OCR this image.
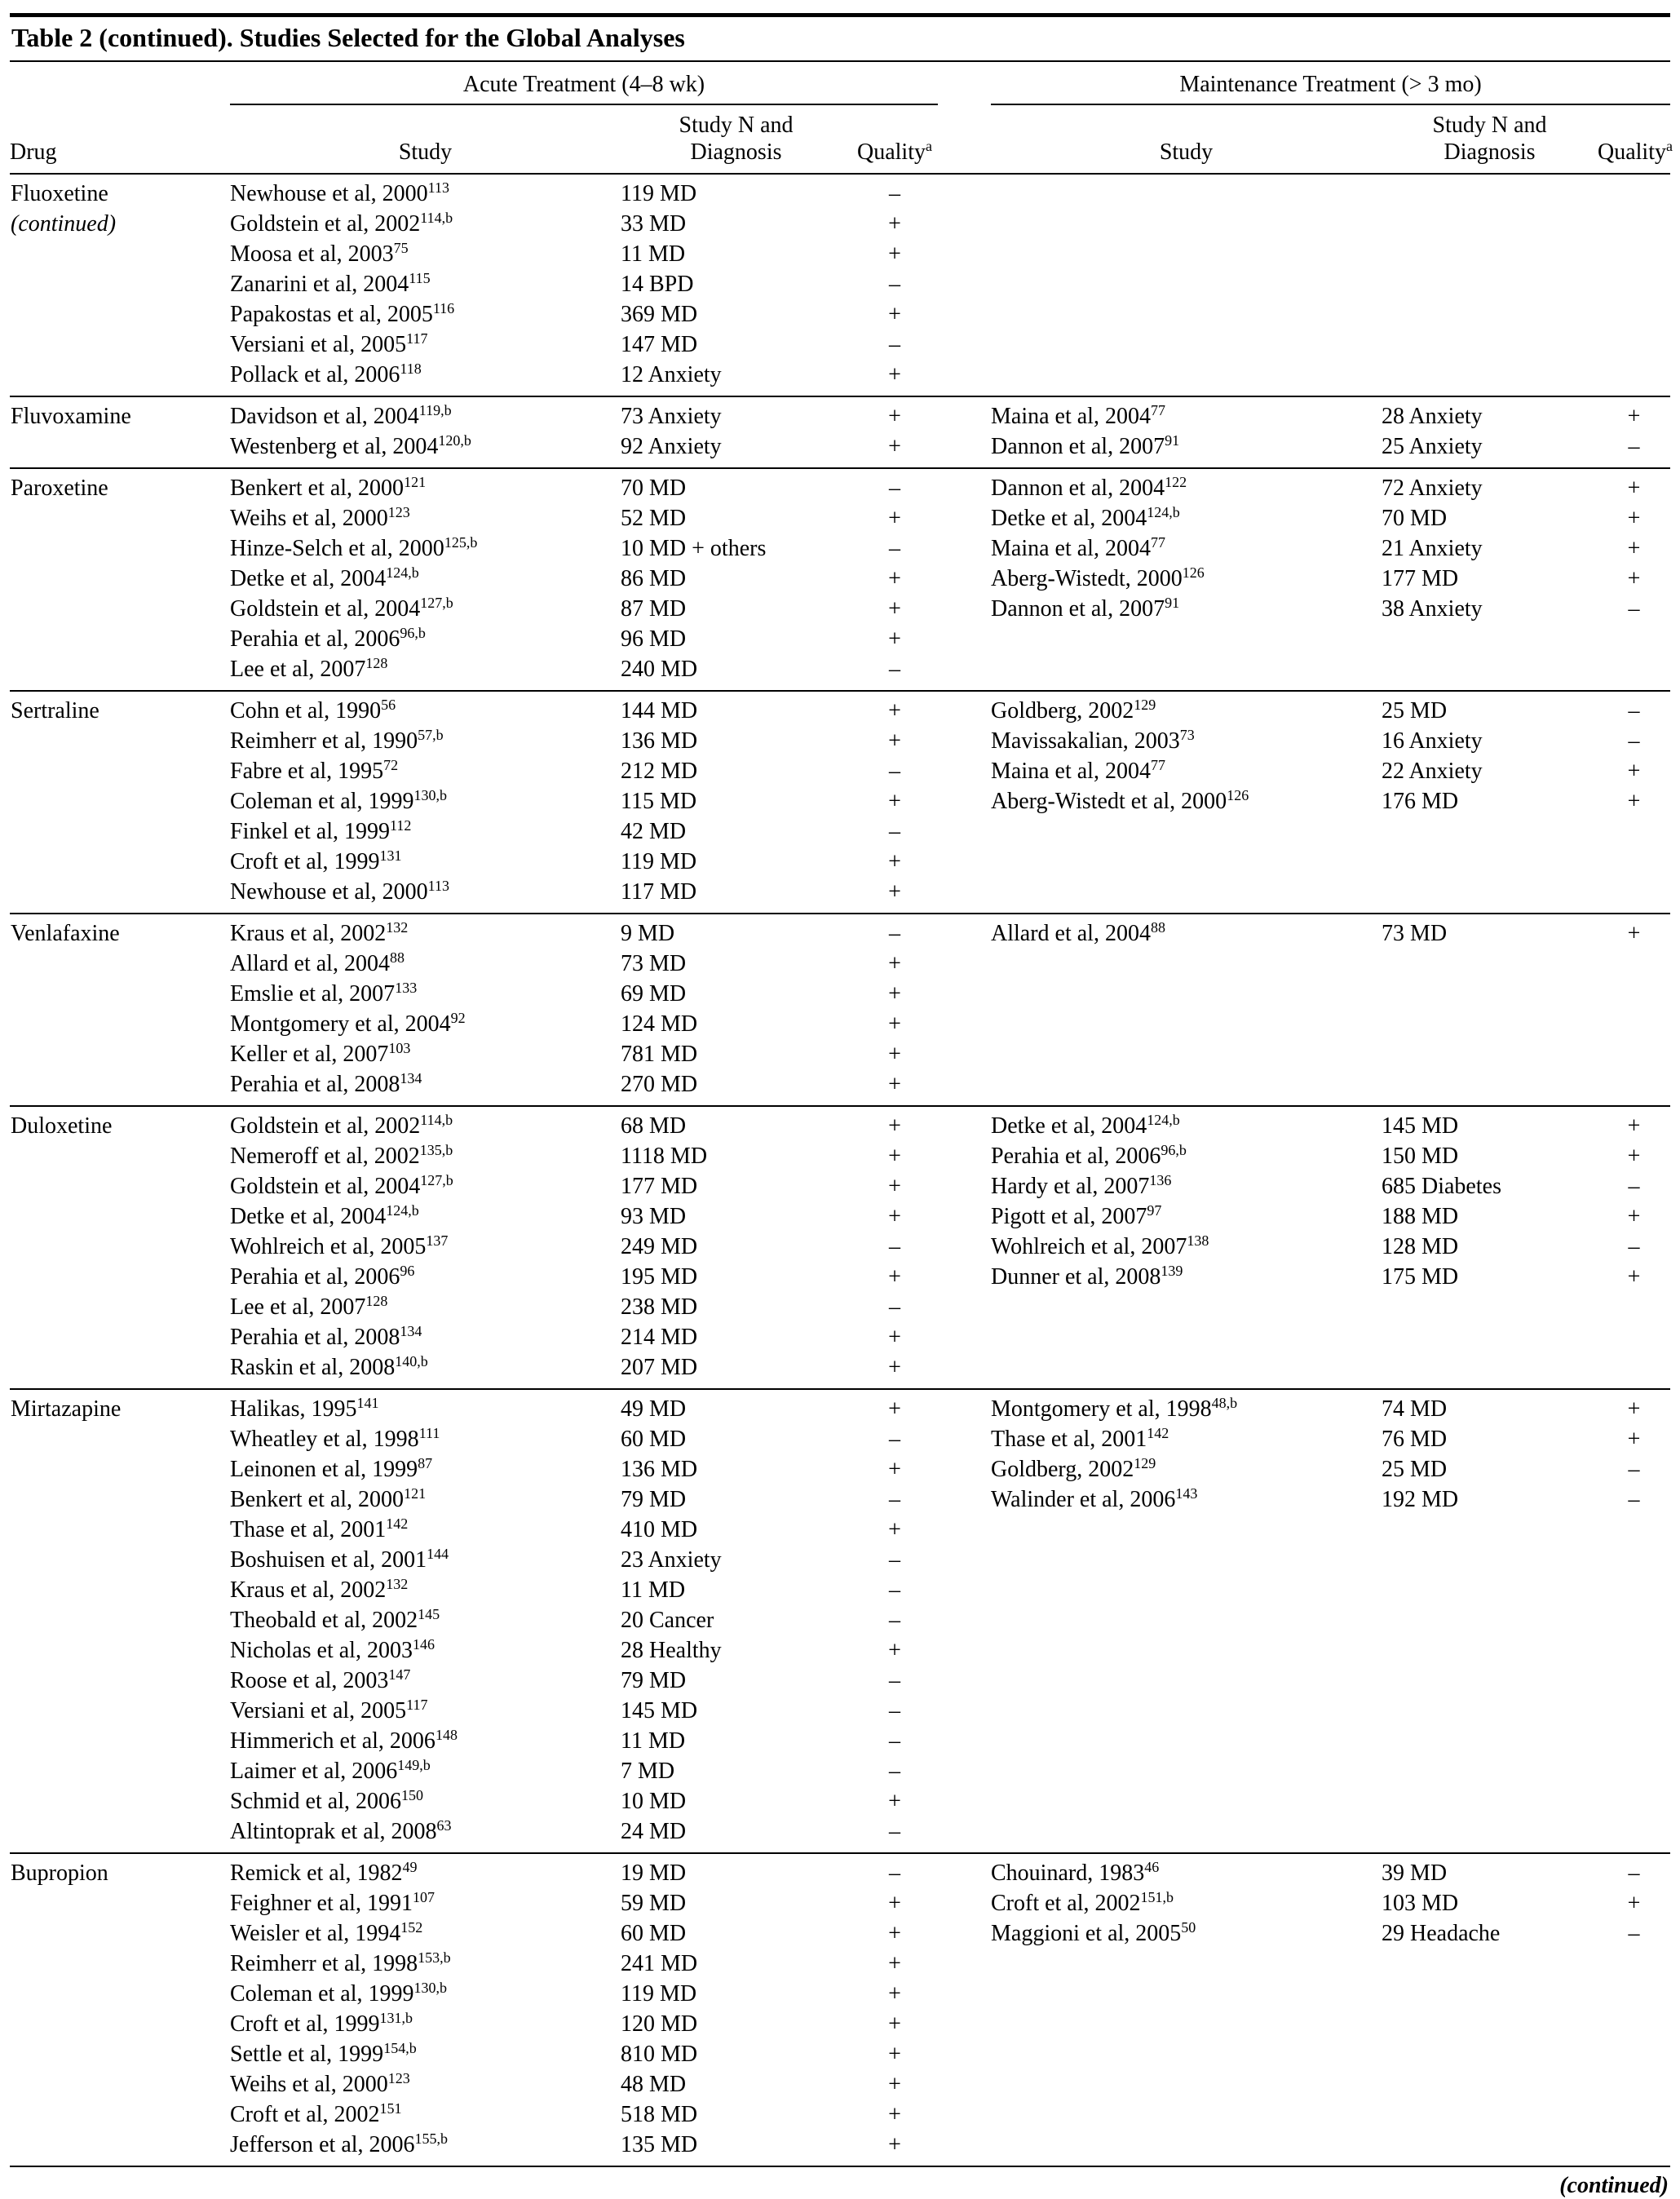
Table 2 (continued). Studies Selected for the Global Analyses
Acute Treatment (4–8 wk)	Maintenance Treatment (> 3 mo)
Drug	Study
Study N and
Diagnosis	Quality$^a$	Study
Study N and
Diagnosis	Quality$^a$
Fluoxetine	Newhouse et al, 2000$^{113}$	119 MD	–
(continued)	Goldstein et al, 2002$^{114,b}$	33 MD	+
Moosa et al, 2003$^{75}$	11 MD	+
Zanarini et al, 2004$^{115}$	14 BPD	–
Papakostas et al, 2005$^{116}$	369 MD	+
Versiani et al, 2005$^{117}$	147 MD	–
Pollack et al, 2006$^{118}$	12 Anxiety	+
Fluvoxamine	Davidson et al, 2004$^{119,b}$	73 Anxiety	+	Maina et al, 2004$^{77}$	28 Anxiety	+
Westenberg et al, 2004$^{120,b}$	92 Anxiety	+	Dannon et al, 2007$^{91}$	25 Anxiety	–
Paroxetine	Benkert et al, 2000$^{121}$	70 MD	–	Dannon et al, 2004$^{122}$	72 Anxiety	+
Weihs et al, 2000$^{123}$	52 MD	+	Detke et al, 2004$^{124,b}$	70 MD	+
Hinze-Selch et al, 2000$^{125,b}$	10 MD + others	–	Maina et al, 2004$^{77}$	21 Anxiety	+
Detke et al, 2004$^{124,b}$	86 MD	+	Aberg-Wistedt, 2000$^{126}$	177 MD	+
Goldstein et al, 2004$^{127,b}$	87 MD	+	Dannon et al, 2007$^{91}$	38 Anxiety	–
Perahia et al, 2006$^{96,b}$	96 MD	+
Lee et al, 2007$^{128}$	240 MD	–
Sertraline	Cohn et al, 1990$^{56}$	144 MD	+	Goldberg, 2002$^{129}$	25 MD	–
Reimherr et al, 1990$^{57,b}$	136 MD	+	Mavissakalian, 2003$^{73}$	16 Anxiety	–
Fabre et al, 1995$^{72}$	212 MD	–	Maina et al, 2004$^{77}$	22 Anxiety	+
Coleman et al, 1999$^{130,b}$	115 MD	+	Aberg-Wistedt et al, 2000$^{126}$	176 MD	+
Finkel et al, 1999$^{112}$	42 MD	–
Croft et al, 1999$^{131}$	119 MD	+
Newhouse et al, 2000$^{113}$	117 MD	+
Venlafaxine	Kraus et al, 2002$^{132}$	9 MD	–	Allard et al, 2004$^{88}$	73 MD	+
Allard et al, 2004$^{88}$	73 MD	+
Emslie et al, 2007$^{133}$	69 MD	+
Montgomery et al, 2004$^{92}$	124 MD	+
Keller et al, 2007$^{103}$	781 MD	+
Perahia et al, 2008$^{134}$	270 MD	+
Duloxetine	Goldstein et al, 2002$^{114,b}$	68 MD	+	Detke et al, 2004$^{124,b}$	145 MD	+
Nemeroff et al, 2002$^{135,b}$	1118 MD	+	Perahia et al, 2006$^{96,b}$	150 MD	+
Goldstein et al, 2004$^{127,b}$	177 MD	+	Hardy et al, 2007$^{136}$	685 Diabetes	–
Detke et al, 2004$^{124,b}$	93 MD	+	Pigott et al, 2007$^{97}$	188 MD	+
Wohlreich et al, 2005$^{137}$	249 MD	–	Wohlreich et al, 2007$^{138}$	128 MD	–
Perahia et al, 2006$^{96}$	195 MD	+	Dunner et al, 2008$^{139}$	175 MD	+
Lee et al, 2007$^{128}$	238 MD	–
Perahia et al, 2008$^{134}$	214 MD	+
Raskin et al, 2008$^{140,b}$	207 MD	+
Mirtazapine	Halikas, 1995$^{141}$	49 MD	+	Montgomery et al, 1998$^{48,b}$	74 MD	+
Wheatley et al, 1998$^{111}$	60 MD	–	Thase et al, 2001$^{142}$	76 MD	+
Leinonen et al, 1999$^{87}$	136 MD	+	Goldberg, 2002$^{129}$	25 MD	–
Benkert et al, 2000$^{121}$	79 MD	–	Walinder et al, 2006$^{143}$	192 MD	–
Thase et al, 2001$^{142}$	410 MD	+
Boshuisen et al, 2001$^{144}$	23 Anxiety	–
Kraus et al, 2002$^{132}$	11 MD	–
Theobald et al, 2002$^{145}$	20 Cancer	–
Nicholas et al, 2003$^{146}$	28 Healthy	+
Roose et al, 2003$^{147}$	79 MD	–
Versiani et al, 2005$^{117}$	145 MD	–
Himmerich et al, 2006$^{148}$	11 MD	–
Laimer et al, 2006$^{149,b}$	7 MD	–
Schmid et al, 2006$^{150}$	10 MD	+
Altintoprak et al, 2008$^{63}$	24 MD	–
Bupropion	Remick et al, 1982$^{49}$	19 MD	–	Chouinard, 1983$^{46}$	39 MD	–
Feighner et al, 1991$^{107}$	59 MD	+	Croft et al, 2002$^{151,b}$	103 MD	+
Weisler et al, 1994$^{152}$	60 MD	+	Maggioni et al, 2005$^{50}$	29 Headache	–
Reimherr et al, 1998$^{153,b}$	241 MD	+
Coleman et al, 1999$^{130,b}$	119 MD	+
Croft et al, 1999$^{131,b}$	120 MD	+
Settle et al, 1999$^{154,b}$	810 MD	+
Weihs et al, 2000$^{123}$	48 MD	+
Croft et al, 2002$^{151}$	518 MD	+
Jefferson et al, 2006$^{155,b}$	135 MD	+
(continued)
